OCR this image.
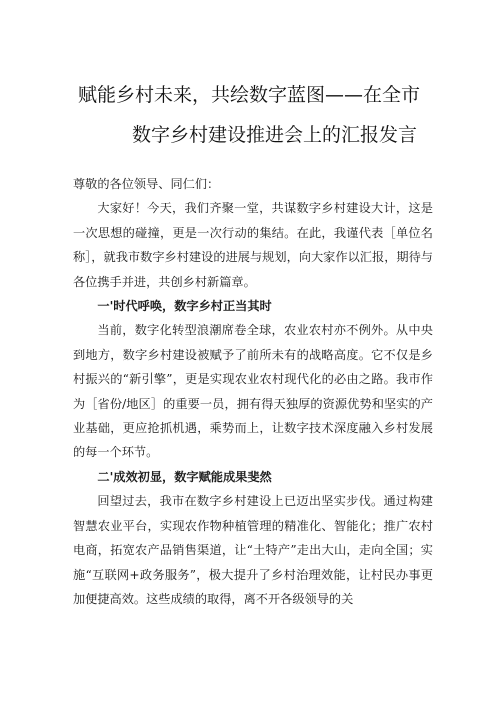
赋能乡村未来，共绘数字蓝图——在全市
数字乡村建设推进会上的汇报发言

尊敬的各位领导、同仁们：

大家好！今天，我们齐聚一堂，共谋数字乡村建设大计，这是一次思想的碰撞，更是一次行动的集结。在此，我谨代表［单位名称］，就我市数字乡村建设的进展与规划，向大家作以汇报，期待与各位携手并进，共创乡村新篇章。

一'时代呼唤，数字乡村正当其时

当前，数字化转型浪潮席卷全球，农业农村亦不例外。从中央到地方，数字乡村建设被赋予了前所未有的战略高度。它不仅是乡村振兴的“新引擎”，更是实现农业农村现代化的必由之路。我市作为［省份/地区］的重要一员，拥有得天独厚的资源优势和坚实的产业基础，更应抢抓机遇，乘势而上，让数字技术深度融入乡村发展的每一个环节。

二'成效初显，数字赋能成果斐然

回望过去，我市在数字乡村建设上已迈出坚实步伐。通过构建智慧农业平台，实现农作物种植管理的精准化、智能化；推广农村电商，拓宽农产品销售渠道，让“土特产”走出大山，走向全国；实施“互联网+政务服务”，极大提升了乡村治理效能，让村民办事更加便捷高效。这些成绩的取得，离不开各级领导的关
